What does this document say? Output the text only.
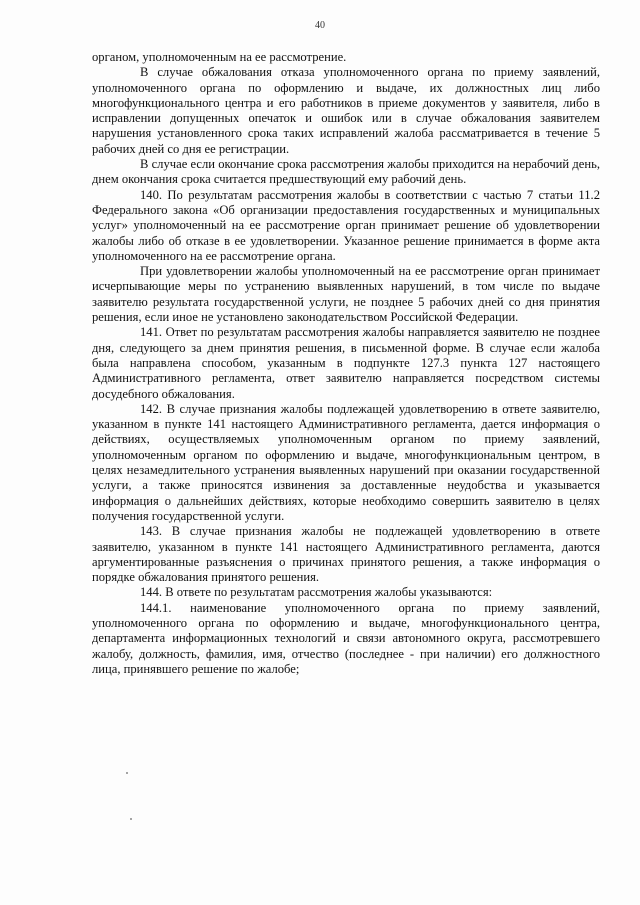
40

органом, уполномоченным на ее рассмотрение.

В случае обжалования отказа уполномоченного органа по приему заявлений, уполномоченного органа по оформлению и выдаче, их должностных лиц либо многофункционального центра и его работников в приеме документов у заявителя, либо в исправлении допущенных опечаток и ошибок или в случае обжалования заявителем нарушения установленного срока таких исправлений жалоба рассматривается в течение 5 рабочих дней со дня ее регистрации.

В случае если окончание срока рассмотрения жалобы приходится на нерабочий день, днем окончания срока считается предшествующий ему рабочий день.

140. По результатам рассмотрения жалобы в соответствии с частью 7 статьи 11.2 Федерального закона «Об организации предоставления государственных и муниципальных услуг» уполномоченный на ее рассмотрение орган принимает решение об удовлетворении жалобы либо об отказе в ее удовлетворении. Указанное решение принимается в форме акта уполномоченного на ее рассмотрение органа.

При удовлетворении жалобы уполномоченный на ее рассмотрение орган принимает исчерпывающие меры по устранению выявленных нарушений, в том числе по выдаче заявителю результата государственной услуги, не позднее 5 рабочих дней со дня принятия решения, если иное не установлено законодательством Российской Федерации.

141. Ответ по результатам рассмотрения жалобы направляется заявителю не позднее дня, следующего за днем принятия решения, в письменной форме. В случае если жалоба была направлена способом, указанным в подпункте 127.3 пункта 127 настоящего Административного регламента, ответ заявителю направляется посредством системы досудебного обжалования.

142. В случае признания жалобы подлежащей удовлетворению в ответе заявителю, указанном в пункте 141 настоящего Административного регламента, дается информация о действиях, осуществляемых уполномоченным органом по приему заявлений, уполномоченным органом по оформлению и выдаче, многофункциональным центром, в целях незамедлительного устранения выявленных нарушений при оказании государственной услуги, а также приносятся извинения за доставленные неудобства и указывается информация о дальнейших действиях, которые необходимо совершить заявителю в целях получения государственной услуги.

143. В случае признания жалобы не подлежащей удовлетворению в ответе заявителю, указанном в пункте 141 настоящего Административного регламента, даются аргументированные разъяснения о причинах принятого решения, а также информация о порядке обжалования принятого решения.

144. В ответе по результатам рассмотрения жалобы указываются:

144.1. наименование уполномоченного органа по приему заявлений, уполномоченного органа по оформлению и выдаче, многофункционального центра, департамента информационных технологий и связи автономного округа, рассмотревшего жалобу, должность, фамилия, имя, отчество (последнее - при наличии) его должностного лица, принявшего решение по жалобе;
